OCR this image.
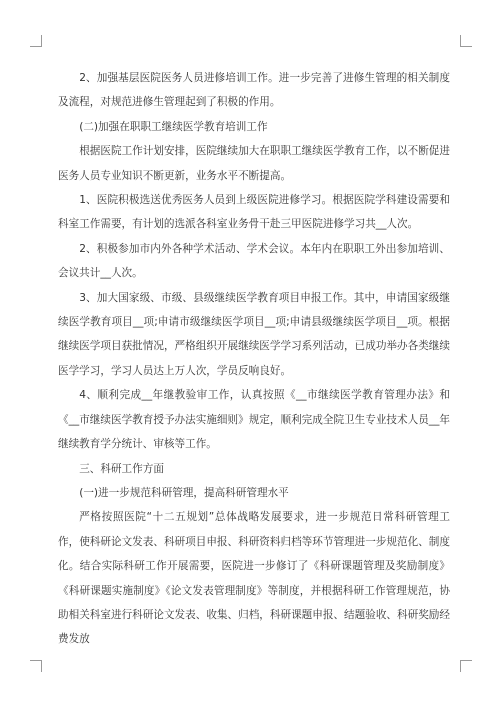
2、加强基层医院医务人员进修培训工作。进一步完善了进修生管理的相关制度及流程，对规范进修生管理起到了积极的作用。

(二)加强在职职工继续医学教育培训工作

根据医院工作计划安排，医院继续加大在职职工继续医学教育工作，以不断促进医务人员专业知识不断更新，业务水平不断提高。

1、医院积极选送优秀医务人员到上级医院进修学习。根据医院学科建设需要和科室工作需要，有计划的选派各科室业务骨干赴三甲医院进修学习共__人次。

2、积极参加市内外各种学术活动、学术会议。本年内在职职工外出参加培训、会议共计__人次。

3、加大国家级、市级、县级继续医学教育项目申报工作。其中，申请国家级继续医学教育项目__项;申请市级继续医学项目__项;申请县级继续医学项目__项。根据继续医学项目获批情况，严格组织开展继续医学学习系列活动，已成功举办各类继续医学学习，学习人员达上万人次，学员反响良好。

4、顺利完成__年继教验审工作，认真按照《__市继续医学教育管理办法》和《__市继续医学教育授予办法实施细则》规定，顺利完成全院卫生专业技术人员__年继续教育学分统计、审核等工作。

三、科研工作方面

(一)进一步规范科研管理，提高科研管理水平

严格按照医院“十二五规划”总体战略发展要求，进一步规范日常科研管理工作，使科研论文发表、科研项目申报、科研资料归档等环节管理进一步规范化、制度化。结合实际科研工作开展需要，医院进一步修订了《科研课题管理及奖励制度》《科研课题实施制度》《论文发表管理制度》等制度，并根据科研工作管理规范，协助相关科室进行科研论文发表、收集、归档，科研课题申报、结题验收、科研奖励经费发放
